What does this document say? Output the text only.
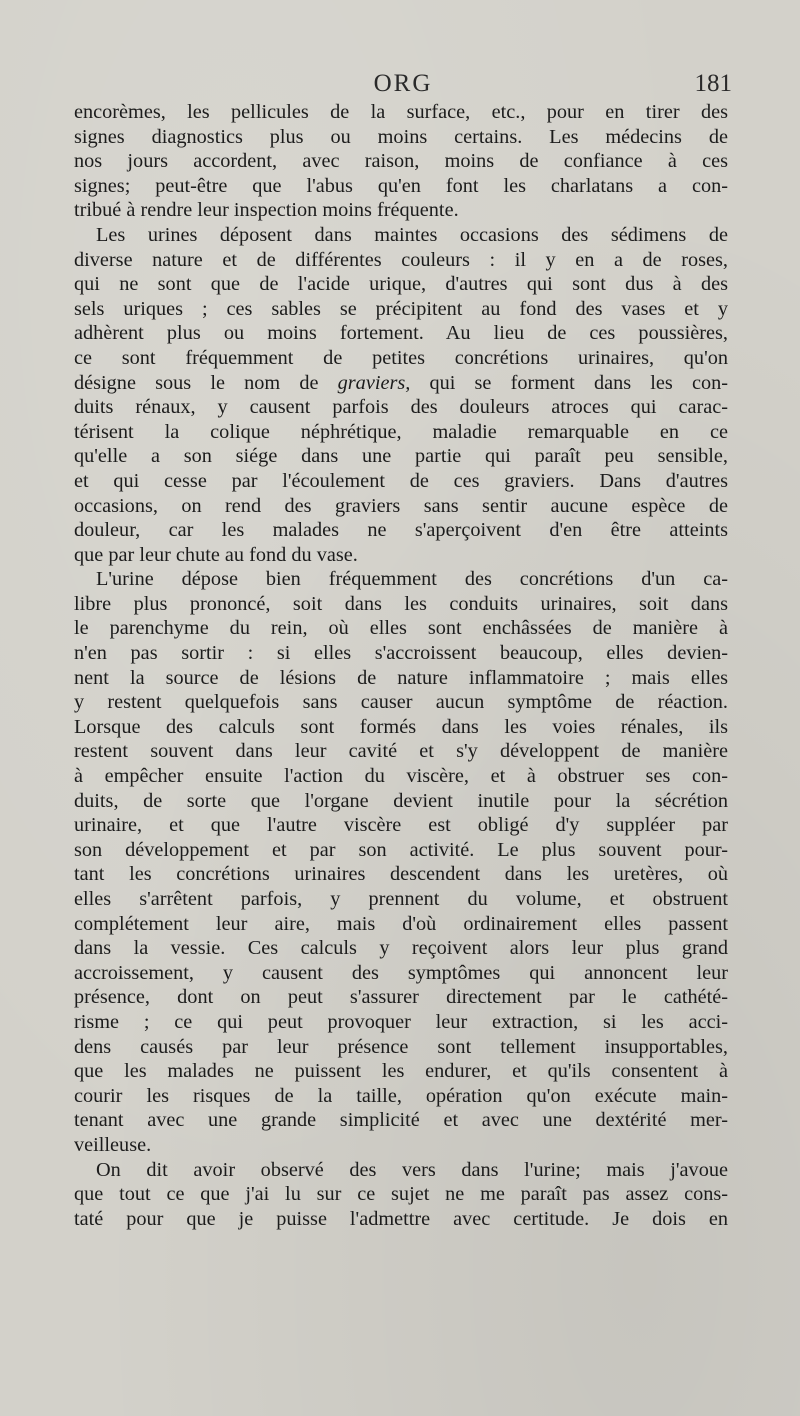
ORG	181
encorèmes, les pellicules de la surface, etc., pour en tirer des
signes diagnostics plus ou moins certains. Les médecins de
nos jours accordent, avec raison, moins de confiance à ces
signes; peut-être que l'abus qu'en font les charlatans a con-
tribué à rendre leur inspection moins fréquente.
Les urines déposent dans maintes occasions des sédimens de
diverse nature et de différentes couleurs : il y en a de roses,
qui ne sont que de l'acide urique, d'autres qui sont dus à des
sels uriques ; ces sables se précipitent au fond des vases et y
adhèrent plus ou moins fortement. Au lieu de ces poussières,
ce sont fréquemment de petites concrétions urinaires, qu'on
désigne sous le nom de graviers, qui se forment dans les con-
duits rénaux, y causent parfois des douleurs atroces qui carac-
térisent la colique néphrétique, maladie remarquable en ce
qu'elle a son siége dans une partie qui paraît peu sensible,
et qui cesse par l'écoulement de ces graviers. Dans d'autres
occasions, on rend des graviers sans sentir aucune espèce de
douleur, car les malades ne s'aperçoivent d'en être atteints
que par leur chute au fond du vase.
L'urine dépose bien fréquemment des concrétions d'un ca-
libre plus prononcé, soit dans les conduits urinaires, soit dans
le parenchyme du rein, où elles sont enchâssées de manière à
n'en pas sortir : si elles s'accroissent beaucoup, elles devien-
nent la source de lésions de nature inflammatoire ; mais elles
y restent quelquefois sans causer aucun symptôme de réaction.
Lorsque des calculs sont formés dans les voies rénales, ils
restent souvent dans leur cavité et s'y développent de manière
à empêcher ensuite l'action du viscère, et à obstruer ses con-
duits, de sorte que l'organe devient inutile pour la sécrétion
urinaire, et que l'autre viscère est obligé d'y suppléer par
son développement et par son activité. Le plus souvent pour-
tant les concrétions urinaires descendent dans les uretères, où
elles s'arrêtent parfois, y prennent du volume, et obstruent
complétement leur aire, mais d'où ordinairement elles passent
dans la vessie. Ces calculs y reçoivent alors leur plus grand
accroissement, y causent des symptômes qui annoncent leur
présence, dont on peut s'assurer directement par le cathété-
risme ; ce qui peut provoquer leur extraction, si les acci-
dens causés par leur présence sont tellement insupportables,
que les malades ne puissent les endurer, et qu'ils consentent à
courir les risques de la taille, opération qu'on exécute main-
tenant avec une grande simplicité et avec une dextérité mer-
veilleuse.
On dit avoir observé des vers dans l'urine; mais j'avoue
que tout ce que j'ai lu sur ce sujet ne me paraît pas assez cons-
taté pour que je puisse l'admettre avec certitude. Je dois en
